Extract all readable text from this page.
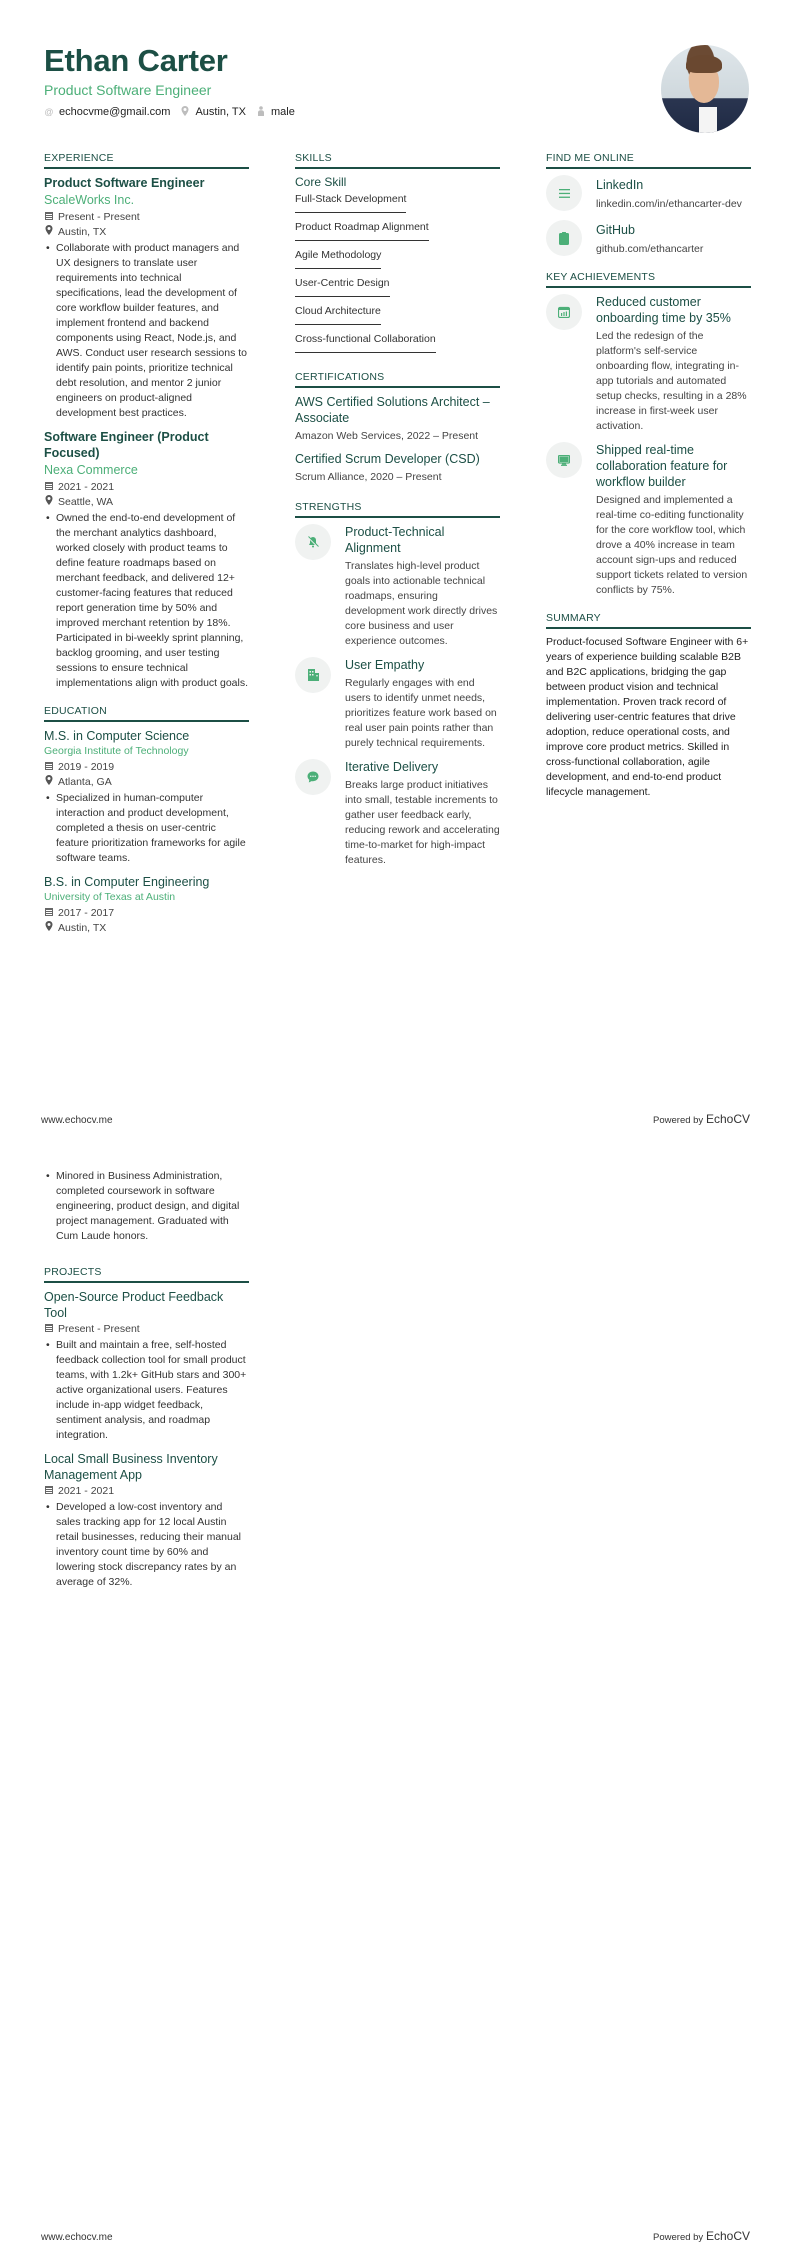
Ethan Carter
Product Software Engineer
@ echocvme@gmail.com Austin, TX male
EXPERIENCE
Product Software Engineer
ScaleWorks Inc.
Present - Present
Austin, TX
• Collaborate with product managers and UX designers to translate user requirements into technical specifications, lead the development of core workflow builder features, and implement frontend and backend components using React, Node.js, and AWS. Conduct user research sessions to identify pain points, prioritize technical debt resolution, and mentor 2 junior engineers on product-aligned development best practices.
Software Engineer (Product Focused)
Nexa Commerce
2021 - 2021
Seattle, WA
• Owned the end-to-end development of the merchant analytics dashboard, worked closely with product teams to define feature roadmaps based on merchant feedback, and delivered 12+ customer-facing features that reduced report generation time by 50% and improved merchant retention by 18%. Participated in bi-weekly sprint planning, backlog grooming, and user testing sessions to ensure technical implementations align with product goals.
EDUCATION
M.S. in Computer Science
Georgia Institute of Technology
2019 - 2019
Atlanta, GA
• Specialized in human-computer interaction and product development, completed a thesis on user-centric feature prioritization frameworks for agile software teams.
B.S. in Computer Engineering
University of Texas at Austin
2017 - 2017
Austin, TX
SKILLS
Core Skill
Full-Stack Development
Product Roadmap Alignment
Agile Methodology
User-Centric Design
Cloud Architecture
Cross-functional Collaboration
CERTIFICATIONS
AWS Certified Solutions Architect – Associate
Amazon Web Services, 2022 – Present
Certified Scrum Developer (CSD)
Scrum Alliance, 2020 – Present
STRENGTHS
Product-Technical Alignment
Translates high-level product goals into actionable technical roadmaps, ensuring development work directly drives core business and user experience outcomes.
User Empathy
Regularly engages with end users to identify unmet needs, prioritizes feature work based on real user pain points rather than purely technical requirements.
Iterative Delivery
Breaks large product initiatives into small, testable increments to gather user feedback early, reducing rework and accelerating time-to-market for high-impact features.
FIND ME ONLINE
LinkedIn
linkedin.com/in/ethancarter-dev
GitHub
github.com/ethancarter
KEY ACHIEVEMENTS
Reduced customer onboarding time by 35%
Led the redesign of the platform's self-service onboarding flow, integrating in-app tutorials and automated setup checks, resulting in a 28% increase in first-week user activation.
Shipped real-time collaboration feature for workflow builder
Designed and implemented a real-time co-editing functionality for the core workflow tool, which drove a 40% increase in team account sign-ups and reduced support tickets related to version conflicts by 75%.
SUMMARY
Product-focused Software Engineer with 6+ years of experience building scalable B2B and B2C applications, bridging the gap between product vision and technical implementation. Proven track record of delivering user-centric features that drive adoption, reduce operational costs, and improve core product metrics. Skilled in cross-functional collaboration, agile development, and end-to-end product lifecycle management.
www.echocv.me	Powered by EchoCV
• Minored in Business Administration, completed coursework in software engineering, product design, and digital project management. Graduated with Cum Laude honors.
PROJECTS
Open-Source Product Feedback Tool
Present - Present
• Built and maintain a free, self-hosted feedback collection tool for small product teams, with 1.2k+ GitHub stars and 300+ active organizational users. Features include in-app widget feedback, sentiment analysis, and roadmap integration.
Local Small Business Inventory Management App
2021 - 2021
• Developed a low-cost inventory and sales tracking app for 12 local Austin retail businesses, reducing their manual inventory count time by 60% and lowering stock discrepancy rates by an average of 32%.
www.echocv.me	Powered by EchoCV
